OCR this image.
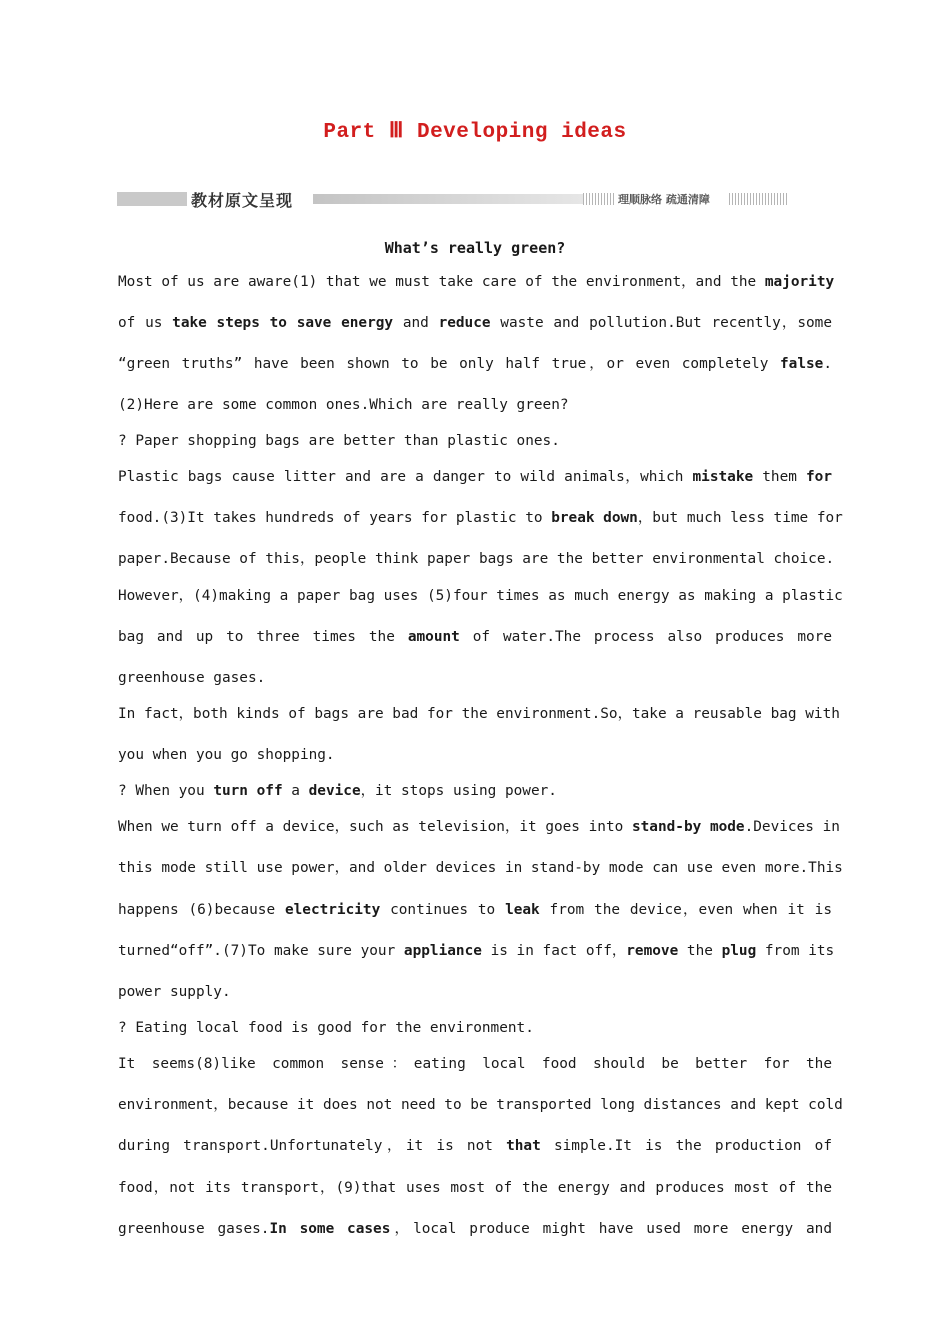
Part Ⅲ Developing ideas
教材原文呈现	理顺脉络 疏通清障
What’s really green?
Most of us are aware(1) that we must take care of the environment，and the majority
of us take steps to save energy and reduce waste and pollution.But recently，some
“green truths” have been shown to be only half true，or even completely false.
(2)Here are some common ones.Which are really green?
? Paper shopping bags are better than plastic ones.
Plastic bags cause litter and are a danger to wild animals，which mistake them for
food.(3)It takes hundreds of years for plastic to break down，but much less time for
paper.Because of this，people think paper bags are the better environmental choice.
However，(4)making a paper bag uses (5)four times as much energy as making a plastic
bag and up to three times the amount of water.The process also produces more
greenhouse gases.
In fact，both kinds of bags are bad for the environment.So，take a reusable bag with
you when you go shopping.
? When you turn off a device，it stops using power.
When we turn off a device，such as television，it goes into stand-by mode.Devices in
this mode still use power，and older devices in stand-by mode can use even more.This
happens (6)because electricity continues to leak from the device，even when it is
turned“off”.(7)To make sure your appliance is in fact off，remove the plug from its
power supply.
? Eating local food is good for the environment.
It seems(8)like common sense：eating local food should be better for the
environment，because it does not need to be transported long distances and kept cold
during transport.Unfortunately，it is not that simple.It is the production of
food，not its transport，(9)that uses most of the energy and produces most of the
greenhouse gases.In some cases，local produce might have used more energy and
